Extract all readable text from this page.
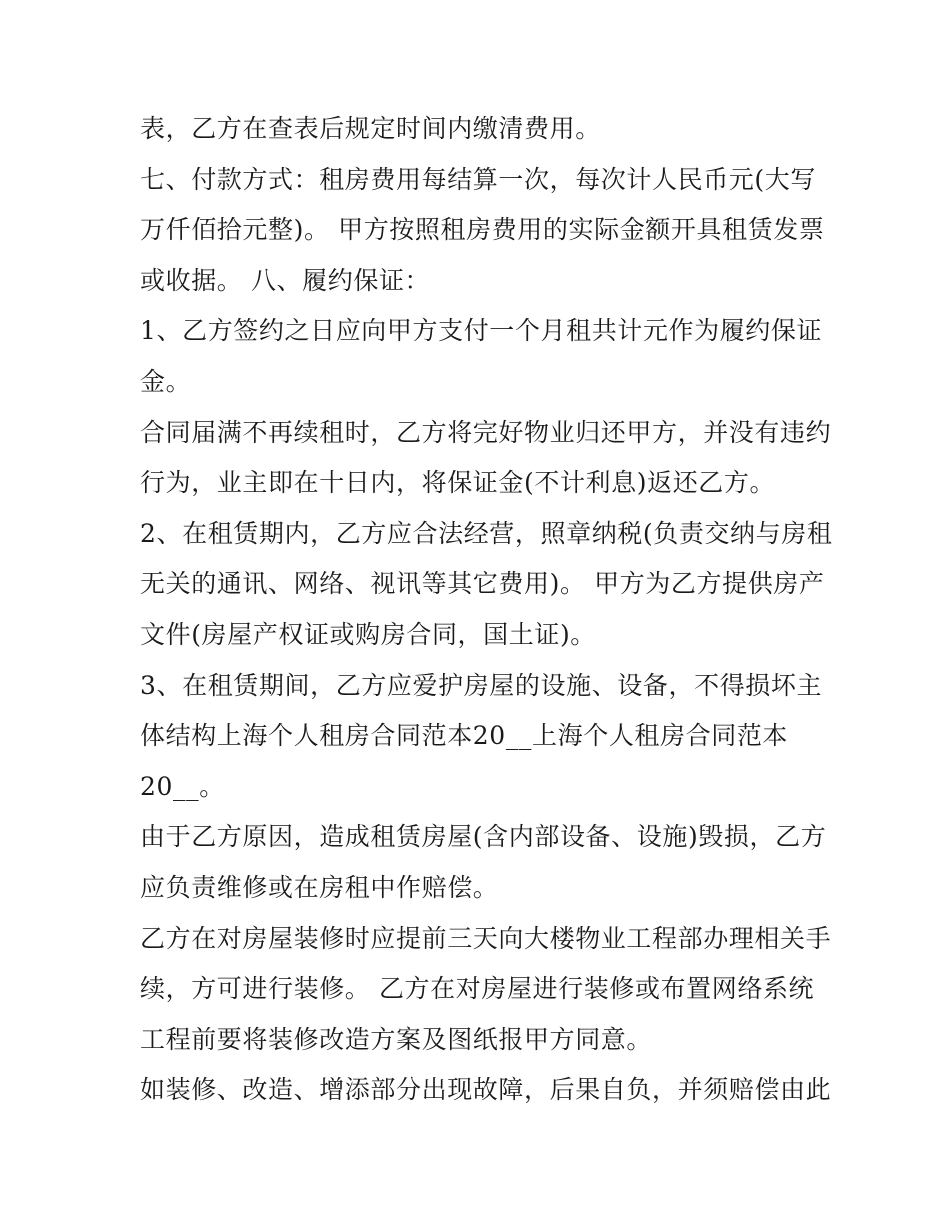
表，乙方在查表后规定时间内缴清费用。
七、付款方式：租房费用每结算一次，每次计人民币元(大写
万仟佰拾元整)。 甲方按照租房费用的实际金额开具租赁发票
或收据。 八、履约保证：
1、乙方签约之日应向甲方支付一个月租共计元作为履约保证
金。
合同届满不再续租时，乙方将完好物业归还甲方，并没有违约
行为，业主即在十日内，将保证金(不计利息)返还乙方。
2、在租赁期内，乙方应合法经营，照章纳税(负责交纳与房租
无关的通讯、网络、视讯等其它费用)。 甲方为乙方提供房产
文件(房屋产权证或购房合同，国土证)。
3、在租赁期间，乙方应爱护房屋的设施、设备，不得损坏主
体结构上海个人租房合同范本20__上海个人租房合同范本
20__。
由于乙方原因，造成租赁房屋(含内部设备、设施)毁损，乙方
应负责维修或在房租中作赔偿。
乙方在对房屋装修时应提前三天向大楼物业工程部办理相关手
续，方可进行装修。 乙方在对房屋进行装修或布置网络系统
工程前要将装修改造方案及图纸报甲方同意。
如装修、改造、增添部分出现故障，后果自负，并须赔偿由此
